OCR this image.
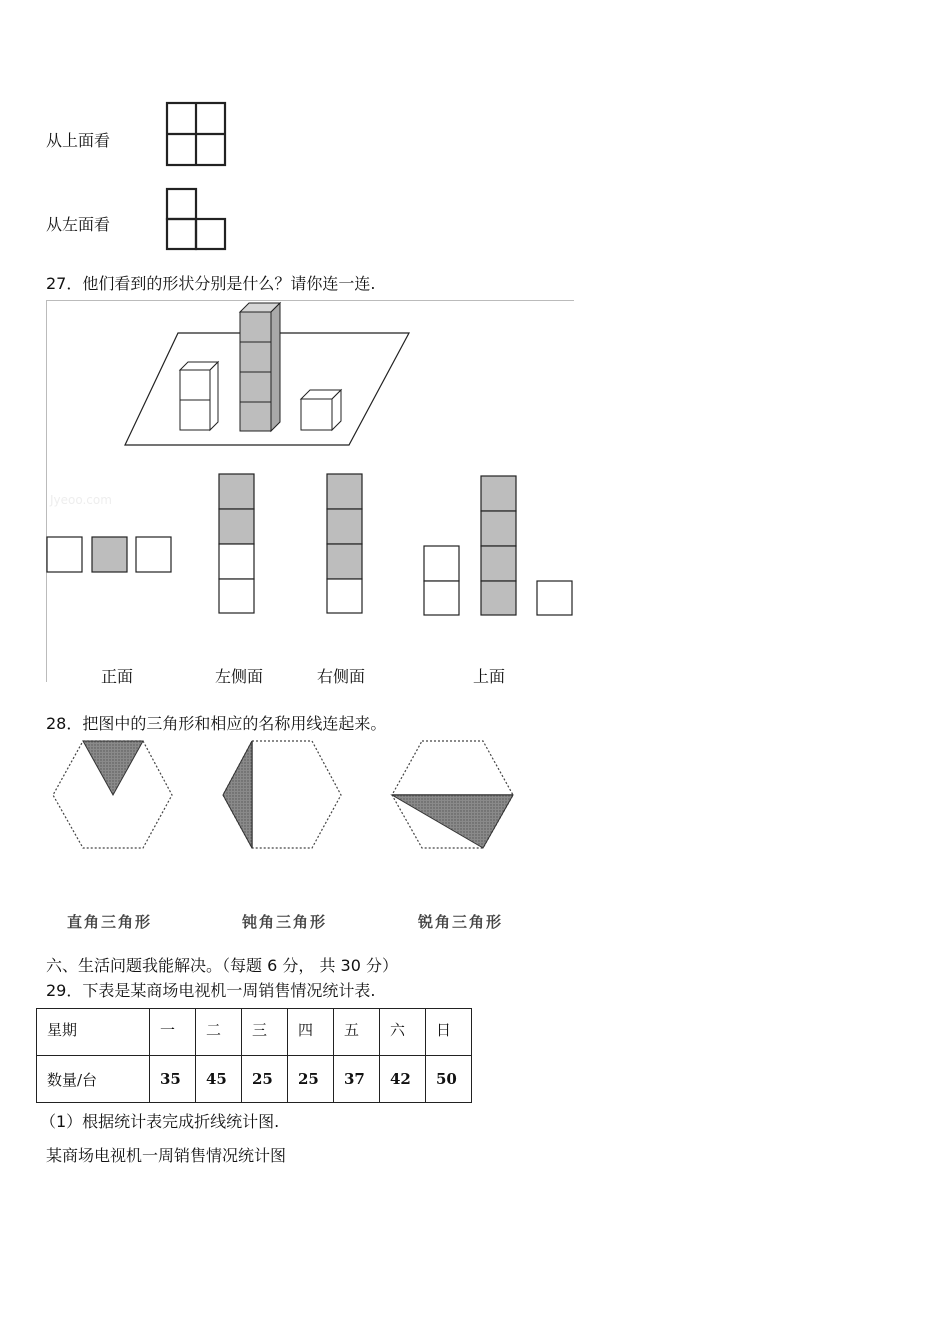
从上面看
从左面看
27．他们看到的形状分别是什么？请你连一连.
Jyeoo.com
正面	左侧面	右侧面	上面
28．把图中的三角形和相应的名称用线连起来。
直角三角形	钝角三角形	锐角三角形
六、生活问题我能解决。（每题 6 分， 共 30 分）
29．下表是某商场电视机一周销售情况统计表.
星期	一	二	三	四	五	六	日
数量/台	35	45	25	25	37	42	50
（1）根据统计表完成折线统计图.
某商场电视机一周销售情况统计图
